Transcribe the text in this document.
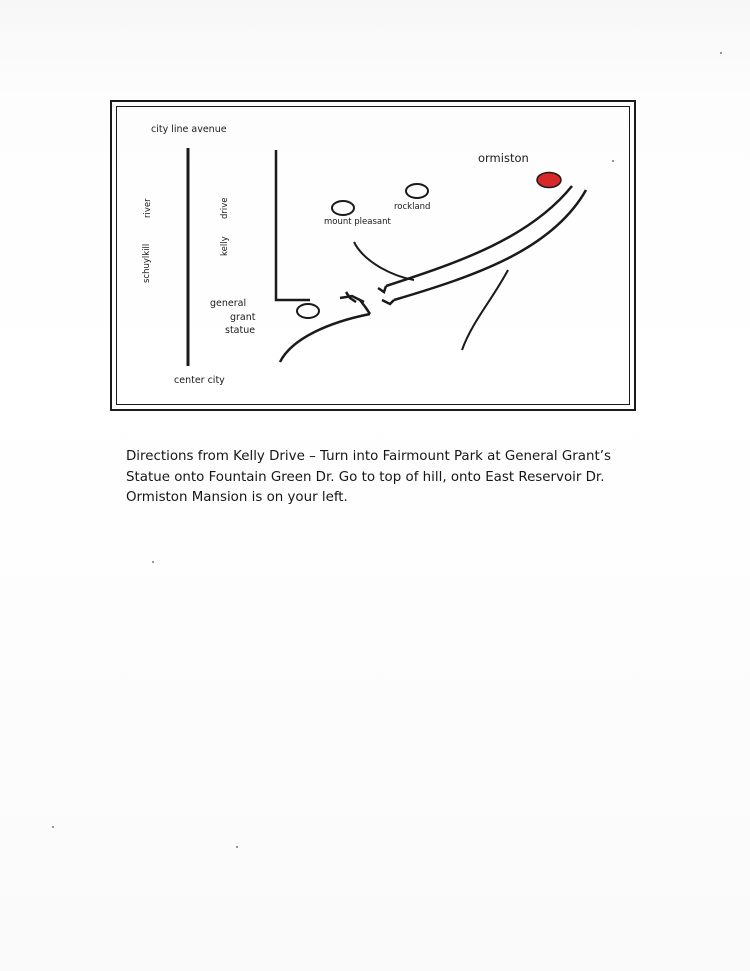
city line avenue
river
schuylkill
drive
kelly
ormiston
rockland
mount pleasant
general
grant
statue
center city
Directions from Kelly Drive – Turn into Fairmount Park at General Grant’s Statue onto Fountain Green Dr. Go to top of hill, onto East Reservoir Dr. Ormiston Mansion is on your left.
